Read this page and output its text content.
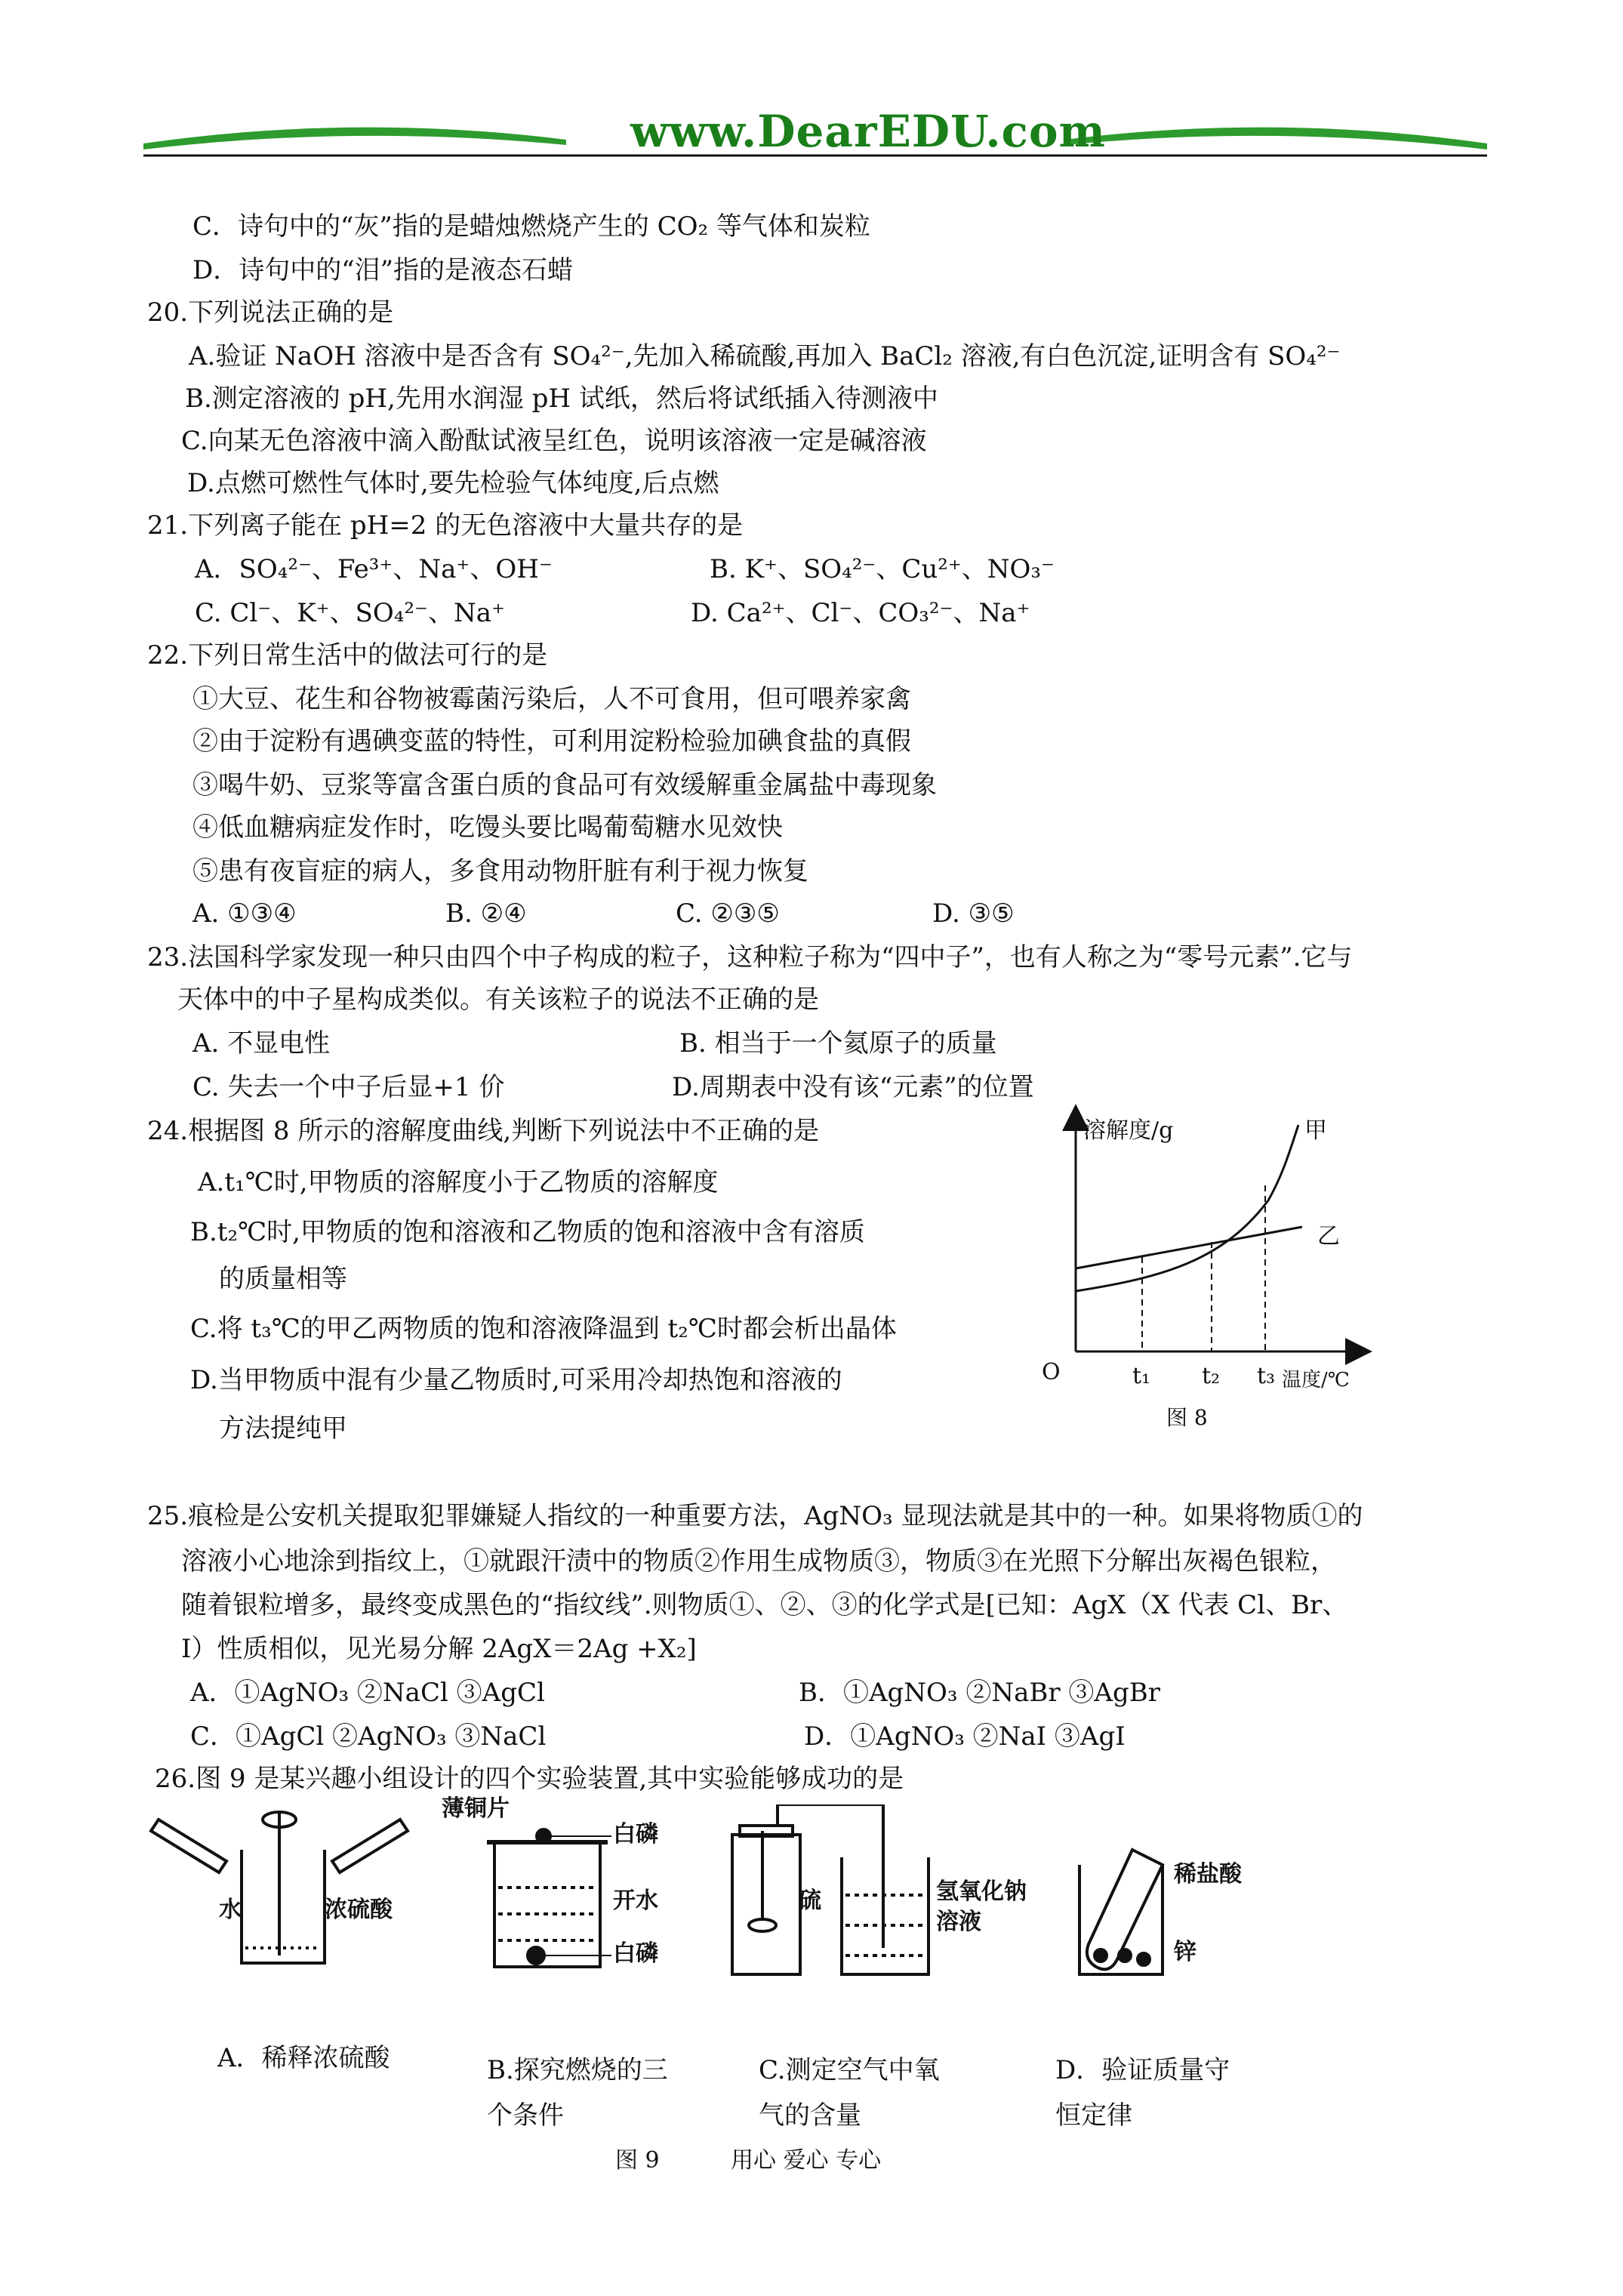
www.DearEDU.com
C．诗句中的“灰”指的是蜡烛燃烧产生的 CO₂ 等气体和炭粒
D．诗句中的“泪”指的是液态石蜡
20.下列说法正确的是
A.验证 NaOH 溶液中是否含有 SO₄²⁻,先加入稀硫酸,再加入 BaCl₂ 溶液,有白色沉淀,证明含有 SO₄²⁻
B.测定溶液的 pH,先用水润湿 pH 试纸，然后将试纸插入待测液中
C.向某无色溶液中滴入酚酞试液呈红色，说明该溶液一定是碱溶液
D.点燃可燃性气体时,要先检验气体纯度,后点燃
21.下列离子能在 pH=2 的无色溶液中大量共存的是
A．SO₄²⁻、Fe³⁺、Na⁺、OH⁻	B. K⁺、SO₄²⁻、Cu²⁺、NO₃⁻
C. Cl⁻、K⁺、SO₄²⁻、Na⁺	D. Ca²⁺、Cl⁻、CO₃²⁻、Na⁺
22.下列日常生活中的做法可行的是
①大豆、花生和谷物被霉菌污染后，人不可食用，但可喂养家禽
②由于淀粉有遇碘变蓝的特性，可利用淀粉检验加碘食盐的真假
③喝牛奶、豆浆等富含蛋白质的食品可有效缓解重金属盐中毒现象
④低血糖病症发作时，吃馒头要比喝葡萄糖水见效快
⑤患有夜盲症的病人，多食用动物肝脏有利于视力恢复
A. ①③④	B. ②④	C. ②③⑤	D. ③⑤
23.法国科学家发现一种只由四个中子构成的粒子，这种粒子称为“四中子”，也有人称之为“零号元素”.它与
天体中的中子星构成类似。有关该粒子的说法不正确的是
A. 不显电性	B. 相当于一个氦原子的质量
C. 失去一个中子后显+1 价	D.周期表中没有该“元素”的位置
24.根据图 8 所示的溶解度曲线,判断下列说法中不正确的是
A.t₁℃时,甲物质的溶解度小于乙物质的溶解度
B.t₂℃时,甲物质的饱和溶液和乙物质的饱和溶液中含有溶质
的质量相等
C.将 t₃℃的甲乙两物质的饱和溶液降温到 t₂℃时都会析出晶体
D.当甲物质中混有少量乙物质时,可采用冷却热饱和溶液的
方法提纯甲
溶解度/g	甲
乙
O	t₁ t₂ t₃ 温度/℃
图 8
25.痕检是公安机关提取犯罪嫌疑人指纹的一种重要方法，AgNO₃ 显现法就是其中的一种。如果将物质①的
溶液小心地涂到指纹上，①就跟汗渍中的物质②作用生成物质③，物质③在光照下分解出灰褐色银粒，
随着银粒增多，最终变成黑色的“指纹线”.则物质①、②、③的化学式是[已知：AgX（X 代表 Cl、Br、
I）性质相似，见光易分解 2AgX＝2Ag +X₂]
A．①AgNO₃ ②NaCl ③AgCl	B．①AgNO₃ ②NaBr ③AgBr
C．①AgCl ②AgNO₃ ③NaCl	D．①AgNO₃ ②NaI ③AgI
26.图 9 是某兴趣小组设计的四个实验装置,其中实验能够成功的是
水	浓硫酸
薄铜片
白磷
开水
白磷
硫	氢氧化钠
溶液
稀盐酸
锌
A．稀释浓硫酸	B.探究燃烧的三
个条件
C.测定空气中氧
气的含量
D．验证质量守
恒定律
图 9	用心 爱心 专心
